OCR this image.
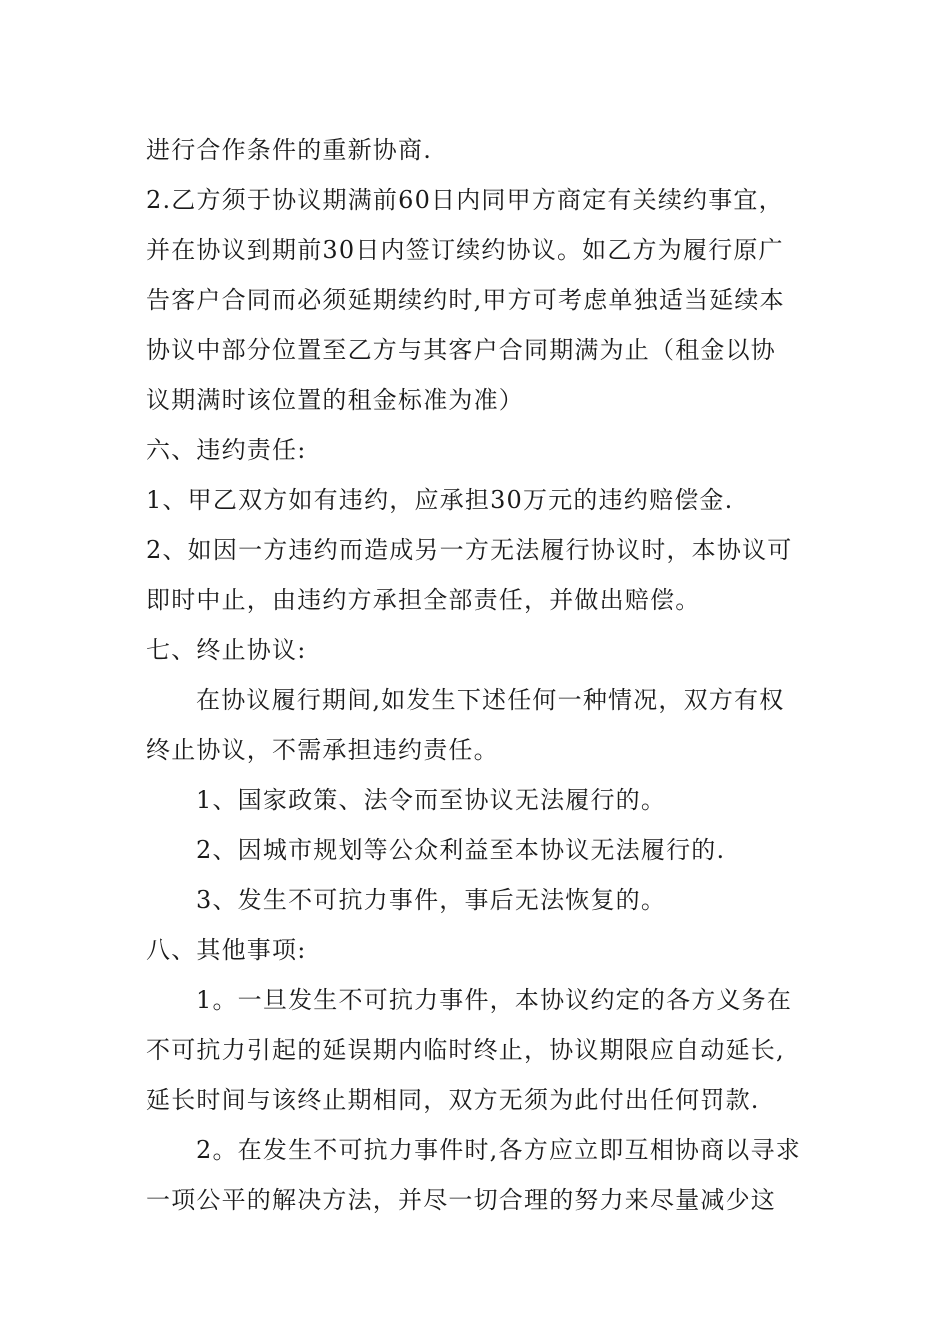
进行合作条件的重新协商.
2.乙方须于协议期满前60日内同甲方商定有关续约事宜，
并在协议到期前30日内签订续约协议。如乙方为履行原广
告客户合同而必须延期续约时,甲方可考虑单独适当延续本
协议中部分位置至乙方与其客户合同期满为止（租金以协
议期满时该位置的租金标准为准）
六、违约责任:
1、甲乙双方如有违约，应承担30万元的违约赔偿金.
2、如因一方违约而造成另一方无法履行协议时，本协议可
即时中止，由违约方承担全部责任，并做出赔偿。
七、终止协议:
在协议履行期间,如发生下述任何一种情况，双方有权
终止协议，不需承担违约责任。
1、国家政策、法令而至协议无法履行的。
2、因城市规划等公众利益至本协议无法履行的.
3、发生不可抗力事件，事后无法恢复的。
八、其他事项:
1。一旦发生不可抗力事件，本协议约定的各方义务在
不可抗力引起的延误期内临时终止，协议期限应自动延长,
延长时间与该终止期相同，双方无须为此付出任何罚款.
2。在发生不可抗力事件时,各方应立即互相协商以寻求
一项公平的解决方法，并尽一切合理的努力来尽量减少这
